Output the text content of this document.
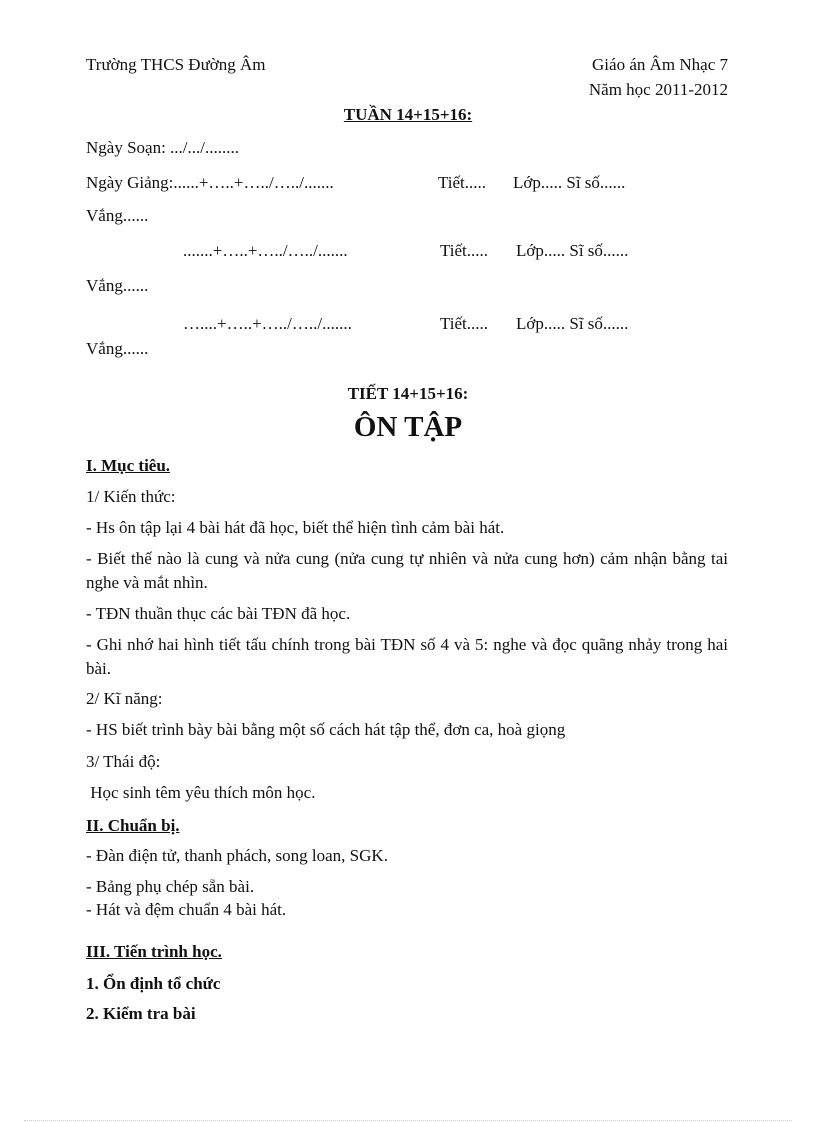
Trường THCS Đường Âm	Giáo án Âm Nhạc 7
Năm học 2011-2012
TUẦN 14+15+16:
Ngày Soạn: .../.../........
Ngày Giảng:......+…..+…../…../.......	Tiết..... Lớp..... Sĩ số......
Vắng......
.......+…..+…../…../.......	Tiết..... Lớp..... Sĩ số......
Vắng......
…....+…..+…../…../.......	Tiết..... Lớp..... Sĩ số......
Vắng......
TIẾT 14+15+16:
ÔN TẬP
I. Mục tiêu.
1/ Kiến thức:
- Hs ôn tập lại 4 bài hát đã học, biết thể hiện tình cảm bài hát.
- Biết thế nào là cung và nửa cung (nửa cung tự nhiên và nửa cung hơn) cảm nhận bằng tai nghe và mắt nhìn.
- TĐN thuần thục các bài TĐN đã học.
- Ghi nhớ hai hình tiết tấu chính trong bài TĐN số 4 và 5: nghe và đọc quãng nhảy trong hai bài.
2/ Kĩ năng:
- HS biết trình bày bài bằng một số cách hát tập thể, đơn ca, hoà giọng
3/ Thái độ:
Học sinh têm yêu thích môn học.
II. Chuẩn bị.
- Đàn điện tử, thanh phách, song loan, SGK.
- Bảng phụ chép sẵn bài.
- Hát và đệm chuẩn 4 bài hát.
III. Tiến trình học.
1. Ổn định tổ chức
2. Kiểm tra bài
